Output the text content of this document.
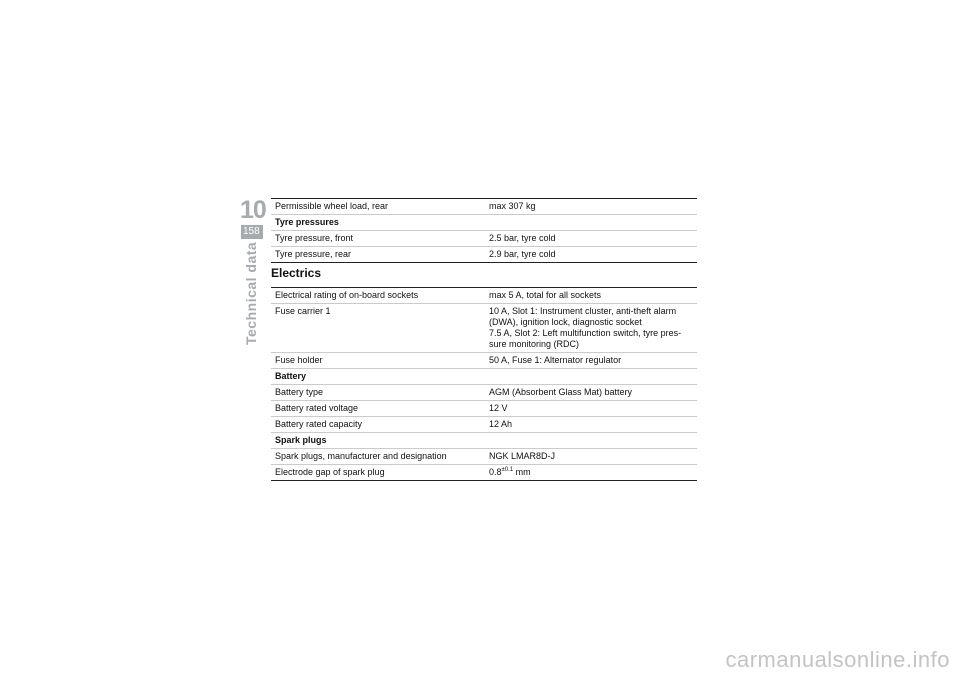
10
158
Technical data
Permissible wheel load, rear	max 307 kg
Tyre pressures	
Tyre pressure, front	2.5 bar, tyre cold
Tyre pressure, rear	2.9 bar, tyre cold
Electrics
Electrical rating of on-board sockets	max 5 A, total for all sockets
Fuse carrier 1	10 A, Slot 1: Instrument cluster, anti-theft alarm
(DWA), ignition lock, diagnostic socket
7.5 A, Slot 2: Left multifunction switch, tyre pres-
sure monitoring (RDC)

Fuse holder	50 A, Fuse 1: Alternator regulator
Battery	
Battery type	AGM (Absorbent Glass Mat) battery
Battery rated voltage	12 V
Battery rated capacity	12 Ah
Spark plugs	
Spark plugs, manufacturer and designation	NGK LMAR8D-J
Electrode gap of spark plug	$0.8^{\pm 0.1}$ mm
carmanualsonline.info
